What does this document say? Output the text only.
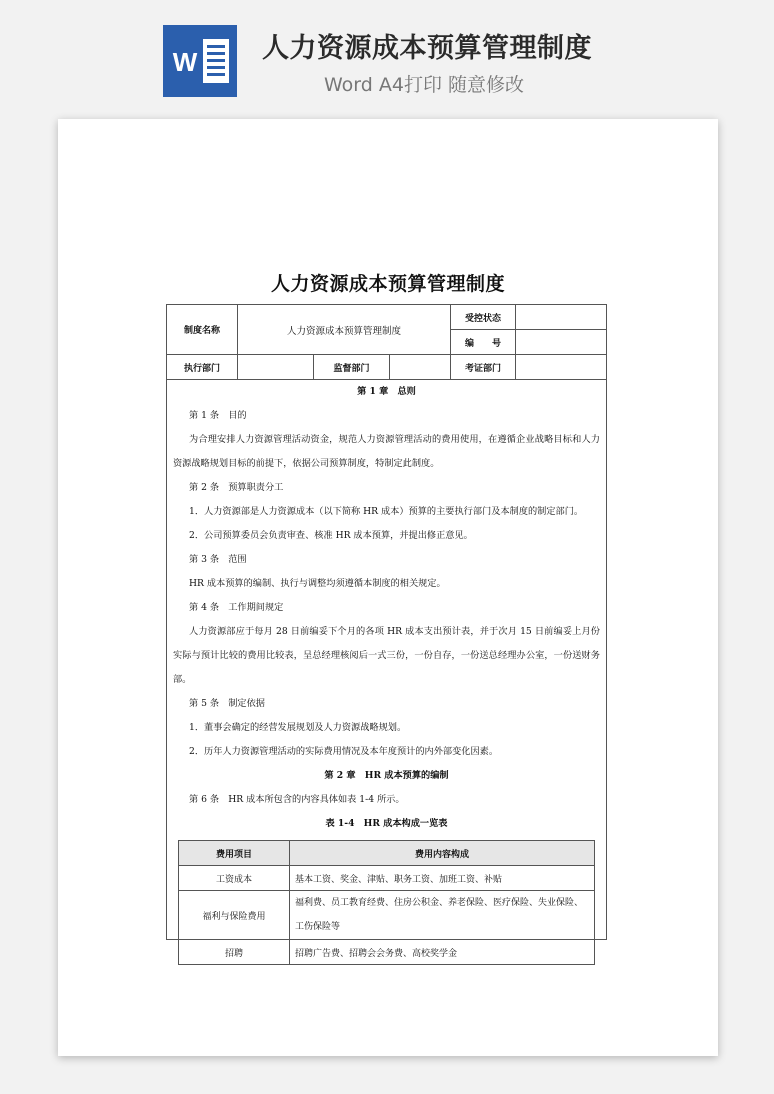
W 人力资源成本预算管理制度
Word A4打印 随意修改
人力资源成本预算管理制度
制度名称	人力资源成本预算管理制度			受控状态	
				编　　号	
执行部门		监督部门		考证部门	
第 1 章　总则
第 1 条　目的
为合理安排人力资源管理活动资金，规范人力资源管理活动的费用使用，在遵循企业战略目标和人力资源战略规划目标的前提下，依据公司预算制度，特制定此制度。
第 2 条　预算职责分工
1．人力资源部是人力资源成本（以下简称 HR 成本）预算的主要执行部门及本制度的制定部门。
2．公司预算委员会负责审查、核准 HR 成本预算，并提出修正意见。
第 3 条　范围
HR 成本预算的编制、执行与调整均须遵循本制度的相关规定。
第 4 条　工作期间规定
人力资源部应于每月 28 日前编妥下个月的各项 HR 成本支出预计表，并于次月 15 日前编妥上月份实际与预计比较的费用比较表，呈总经理核阅后一式三份，一份自存，一份送总经理办公室，一份送财务部。
第 5 条　制定依据
1．董事会确定的经营发展规划及人力资源战略规划。
2．历年人力资源管理活动的实际费用情况及本年度预计的内外部变化因素。
第 2 章　HR 成本预算的编制
第 6 条　HR 成本所包含的内容具体如表 1-4 所示。
表 1-4　HR 成本构成一览表
费用项目	费用内容构成
工资成本	基本工资、奖金、津贴、职务工资、加班工资、补贴
福利与保险费用	福利费、员工教育经费、住房公积金、养老保险、医疗保险、失业保险、工伤保险等
招聘	招聘广告费、招聘会会务费、高校奖学金
